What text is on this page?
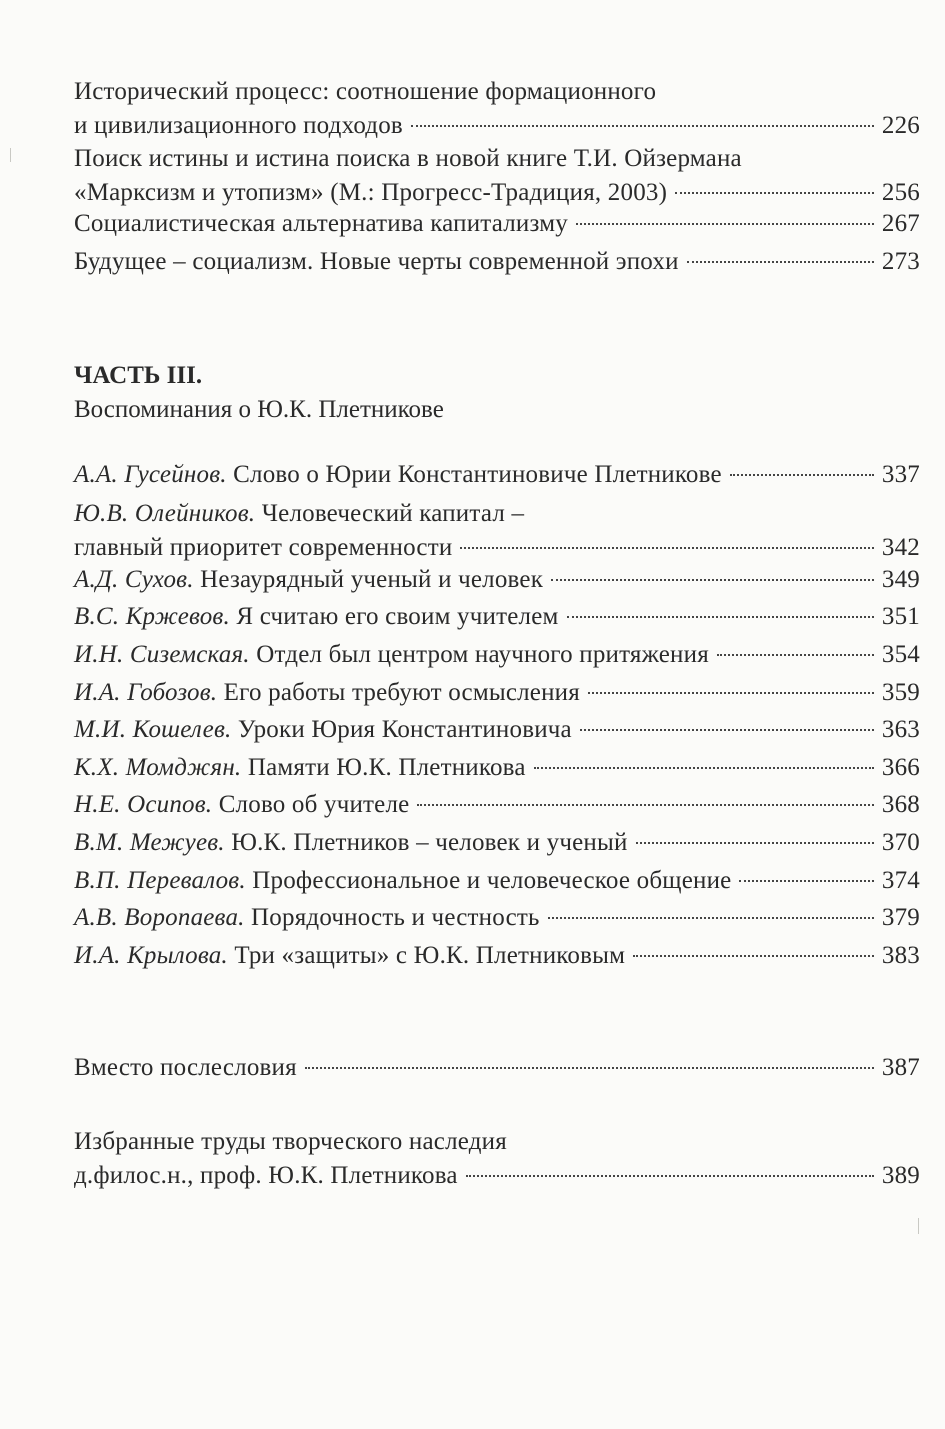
Исторический процесс: соотношение формационного
и цивилизационного подходов	226
Поиск истины и истина поиска в новой книге Т.И. Ойзермана
«Марксизм и утопизм» (М.: Прогресс-Традиция, 2003)	256
Социалистическая альтернатива капитализму	267
Будущее – социализм. Новые черты современной эпохи	273
ЧАСТЬ III.
Воспоминания о Ю.К. Плетникове
А.А. Гусейнов. Слово о Юрии Константиновиче Плетникове	337
Ю.В. Олейников. Человеческий капитал –
главный приоритет современности	342
А.Д. Сухов. Незаурядный ученый и человек	349
В.С. Кржевов. Я считаю его своим учителем	351
И.Н. Сиземская. Отдел был центром научного притяжения	354
И.А. Гобозов. Его работы требуют осмысления	359
М.И. Кошелев. Уроки Юрия Константиновича	363
К.Х. Момджян. Памяти Ю.К. Плетникова	366
Н.Е. Осипов. Слово об учителе	368
В.М. Межуев. Ю.К. Плетников – человек и ученый	370
В.П. Перевалов. Профессиональное и человеческое общение	374
А.В. Воропаева. Порядочность и честность	379
И.А. Крылова. Три «защиты» с Ю.К. Плетниковым	383
Вместо послесловия	387
Избранные труды творческого наследия
д.филос.н., проф. Ю.К. Плетникова	389
